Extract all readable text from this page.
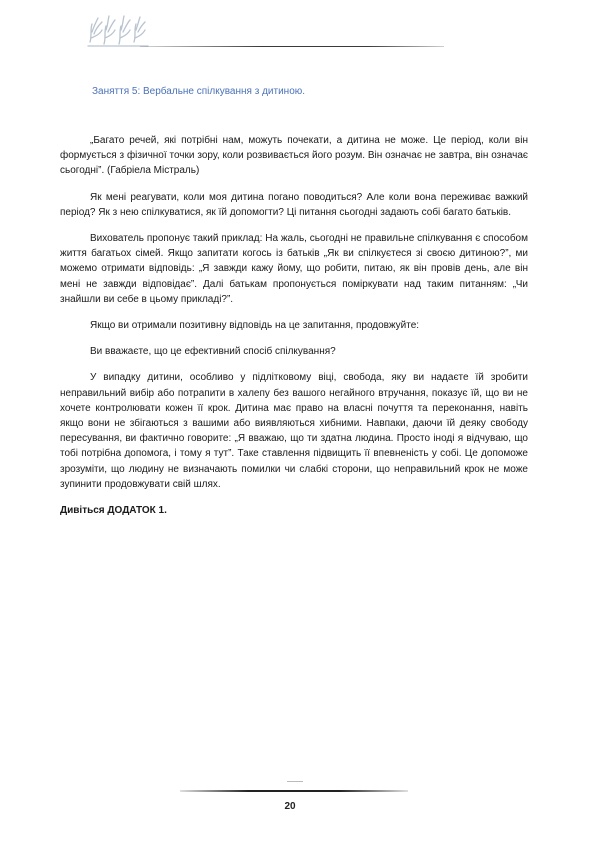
Заняття 5: Вербальне спілкування з дитиною.

„Багато речей, які потрібні нам, можуть почекати, а дитина не може. Це період, коли він формується з фізичної точки зору, коли розвивається його розум. Він означає не завтра, він означає сьогодні”. (Габріела Містраль)

Як мені реагувати, коли моя дитина погано поводиться? Але коли вона переживає важкий період? Як з нею спілкуватися, як їй допомогти? Ці питання сьогодні задають собі багато батьків.

Вихователь пропонує такий приклад: На жаль, сьогодні не правильне спілкування є способом життя багатьох сімей. Якщо запитати когось із батьків „Як ви спілкуєтеся зі своєю дитиною?”, ми можемо отримати відповідь: „Я завжди кажу йому, що робити, питаю, як він провів день, але він мені не завжди відповідає”. Далі батькам пропонується поміркувати над таким питанням: „Чи знайшли ви себе в цьому прикладі?”.

Якщо ви отримали позитивну відповідь на це запитання, продовжуйте:

Ви вважаєте, що це ефективний спосіб спілкування?

У випадку дитини, особливо у підлітковому віці, свобода, яку ви надаєте їй зробити неправильний вибір або потрапити в халепу без вашого негайного втручання, показує їй, що ви не хочете контролювати кожен її крок. Дитина має право на власні почуття та переконання, навіть якщо вони не збігаються з вашими або виявляються хибними. Навпаки, даючи їй деяку свободу пересування, ви фактично говорите: „Я вважаю, що ти здатна людина. Просто іноді я відчуваю, що тобі потрібна допомога, і тому я тут”. Таке ставлення підвищить її впевненість у собі. Це допоможе зрозуміти, що людину не визначають помилки чи слабкі сторони, що неправильний крок не може зупинити продовжувати свій шлях.

Дивіться ДОДАТОК 1.

20
